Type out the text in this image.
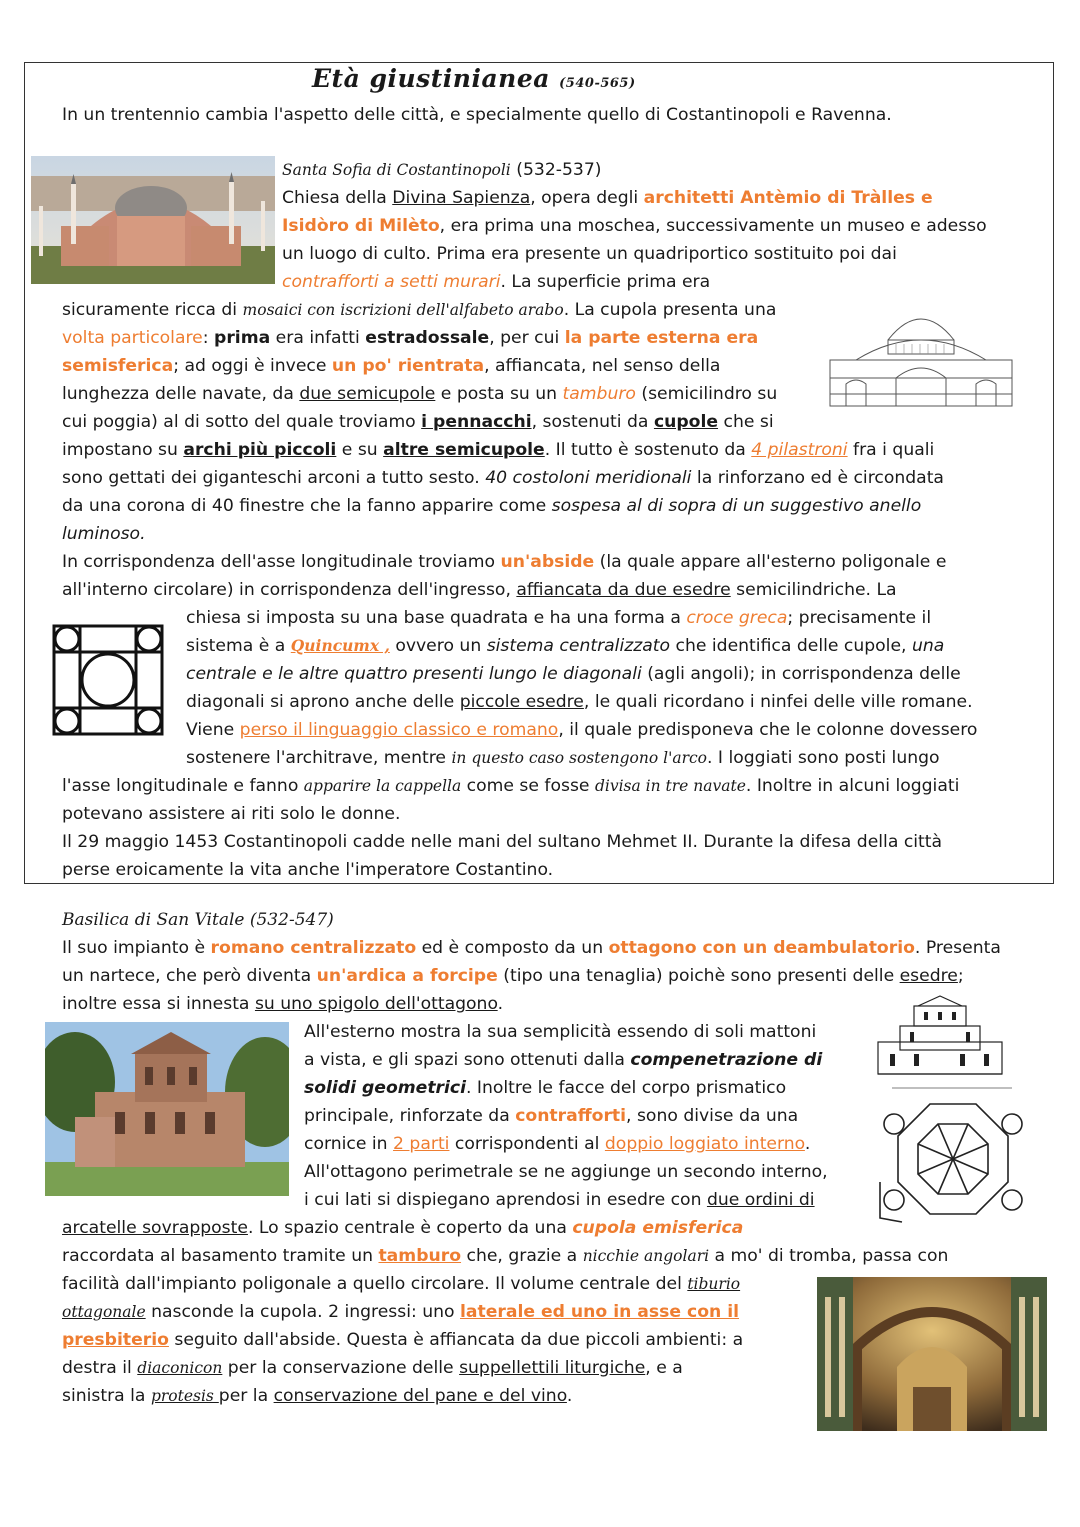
Età giustinianea (540-565)
In un trentennio cambia l'aspetto delle città, e specialmente quello di Costantinopoli e Ravenna.
Santa Sofia di Costantinopoli (532-537)
Chiesa della Divina Sapienza, opera degli architetti Antèmio di Tràlles e
Isidòro di Milèto, era prima una moschea, successivamente un museo e adesso
un luogo di culto. Prima era presente un quadriportico sostituito poi dai
contrafforti a setti murari. La superficie prima era
sicuramente ricca di mosaici con iscrizioni dell'alfabeto arabo. La cupola presenta una
volta particolare: prima era infatti estradossale, per cui la parte esterna era
semisferica; ad oggi è invece un po' rientrata, affiancata, nel senso della
lunghezza delle navate, da due semicupole e posta su un tamburo (semicilindro su
cui poggia) al di sotto del quale troviamo i pennacchi, sostenuti da cupole che si
impostano su archi più piccoli e su altre semicupole. Il tutto è sostenuto da 4 pilastroni fra i quali
sono gettati dei giganteschi arconi a tutto sesto. 40 costoloni meridionali la rinforzano ed è circondata
da una corona di 40 finestre che la fanno apparire come sospesa al di sopra di un suggestivo anello
luminoso.
In corrispondenza dell'asse longitudinale troviamo un'abside (la quale appare all'esterno poligonale e
all'interno circolare) in corrispondenza dell'ingresso, affiancata da due esedre semicilindriche. La
chiesa si imposta su una base quadrata e ha una forma a croce greca; precisamente il
sistema è a Quincumx , ovvero un sistema centralizzato che identifica delle cupole, una
centrale e le altre quattro presenti lungo le diagonali (agli angoli); in corrispondenza delle
diagonali si aprono anche delle piccole esedre, le quali ricordano i ninfei delle ville romane.
Viene perso il linguaggio classico e romano, il quale predisponeva che le colonne dovessero
sostenere l'architrave, mentre in questo caso sostengono l'arco. I loggiati sono posti lungo
l'asse longitudinale e fanno apparire la cappella come se fosse divisa in tre navate. Inoltre in alcuni loggiati
potevano assistere ai riti solo le donne.
Il 29 maggio 1453 Costantinopoli cadde nelle mani del sultano Mehmet II. Durante la difesa della città
perse eroicamente la vita anche l'imperatore Costantino.
Basilica di San Vitale (532-547)
Il suo impianto è romano centralizzato ed è composto da un ottagono con un deambulatorio. Presenta
un nartece, che però diventa un'ardica a forcipe (tipo una tenaglia) poichè sono presenti delle esedre;
inoltre essa si innesta su uno spigolo dell'ottagono.
All'esterno mostra la sua semplicità essendo di soli mattoni
a vista, e gli spazi sono ottenuti dalla compenetrazione di
solidi geometrici. Inoltre le facce del corpo prismatico
principale, rinforzate da contrafforti, sono divise da una
cornice in 2 parti corrispondenti al doppio loggiato interno.
All'ottagono perimetrale se ne aggiunge un secondo interno,
i cui lati si dispiegano aprendosi in esedre con due ordini di
arcatelle sovrapposte. Lo spazio centrale è coperto da una cupola emisferica
raccordata al basamento tramite un tamburo che, grazie a nicchie angolari a mo' di tromba, passa con
facilità dall'impianto poligonale a quello circolare. Il volume centrale del tiburio
ottagonale nasconde la cupola. 2 ingressi: uno laterale ed uno in asse con il
presbiterio seguito dall'abside. Questa è affiancata da due piccoli ambienti: a
destra il diaconicon per la conservazione delle suppellettili liturgiche, e a
sinistra la protesis per la conservazione del pane e del vino.
